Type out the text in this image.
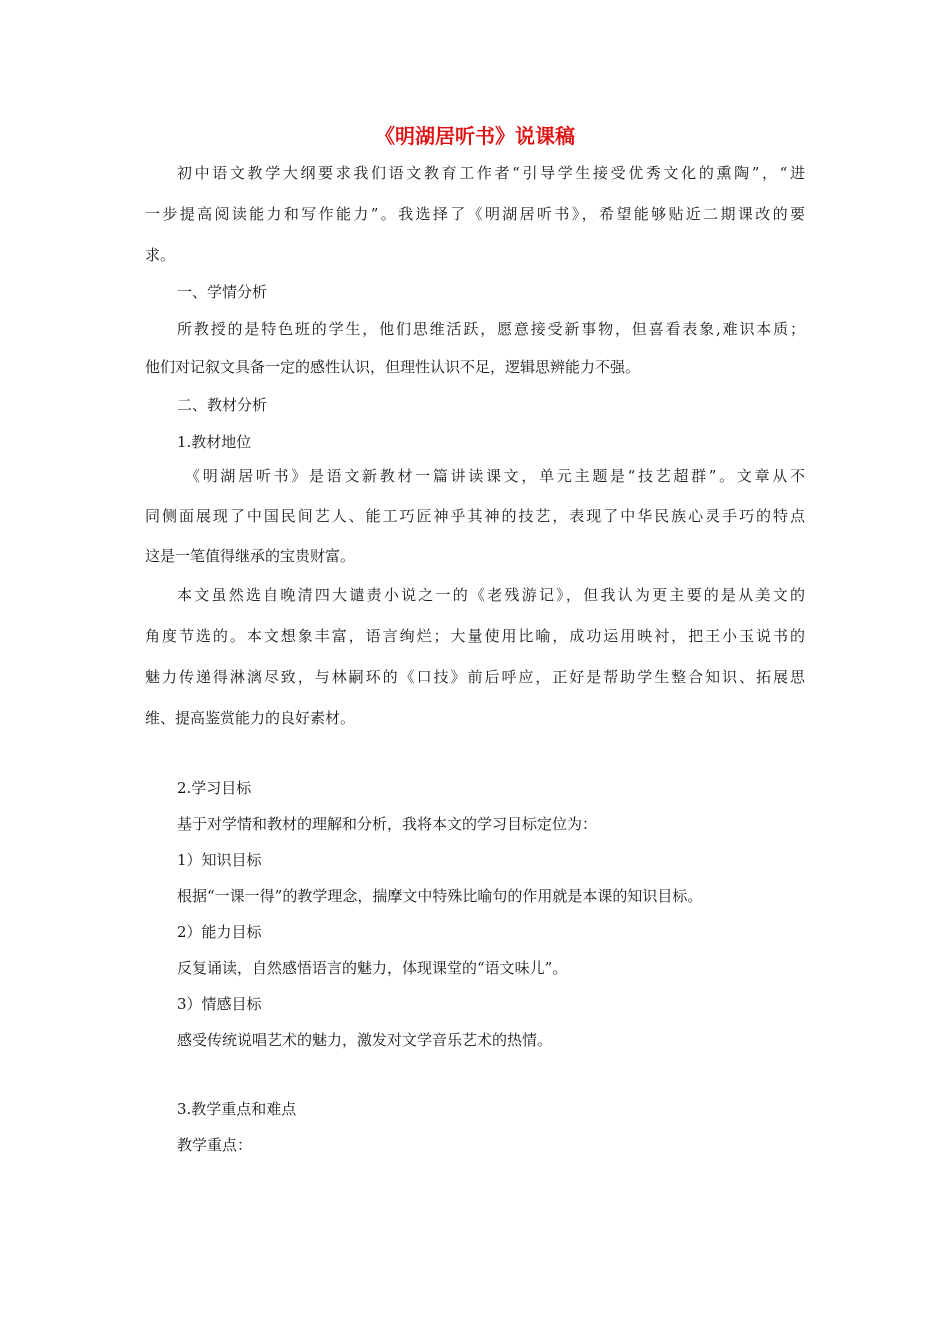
《明湖居听书》说课稿
初中语文教学大纲要求我们语文教育工作者“引导学生接受优秀文化的熏陶”，“进
一步提高阅读能力和写作能力”。我选择了《明湖居听书》，希望能够贴近二期课改的要
求。
一、学情分析
所教授的是特色班的学生，他们思维活跃，愿意接受新事物，但喜看表象,难识本质；
他们对记叙文具备一定的感性认识，但理性认识不足，逻辑思辨能力不强。
二、教材分析
1.教材地位
《明湖居听书》是语文新教材一篇讲读课文，单元主题是“技艺超群”。文章从不
同侧面展现了中国民间艺人、能工巧匠神乎其神的技艺，表现了中华民族心灵手巧的特点
这是一笔值得继承的宝贵财富。
本文虽然选自晚清四大谴责小说之一的《老残游记》，但我认为更主要的是从美文的
角度节选的。本文想象丰富，语言绚烂；大量使用比喻，成功运用映衬，把王小玉说书的
魅力传递得淋漓尽致，与林嗣环的《口技》前后呼应，正好是帮助学生整合知识、拓展思
维、提高鉴赏能力的良好素材。
2.学习目标
基于对学情和教材的理解和分析，我将本文的学习目标定位为：
1）知识目标
根据“一课一得”的教学理念，揣摩文中特殊比喻句的作用就是本课的知识目标。
2）能力目标
反复诵读，自然感悟语言的魅力，体现课堂的“语文味儿”。
3）情感目标
感受传统说唱艺术的魅力，激发对文学音乐艺术的热情。
3.教学重点和难点
教学重点：
